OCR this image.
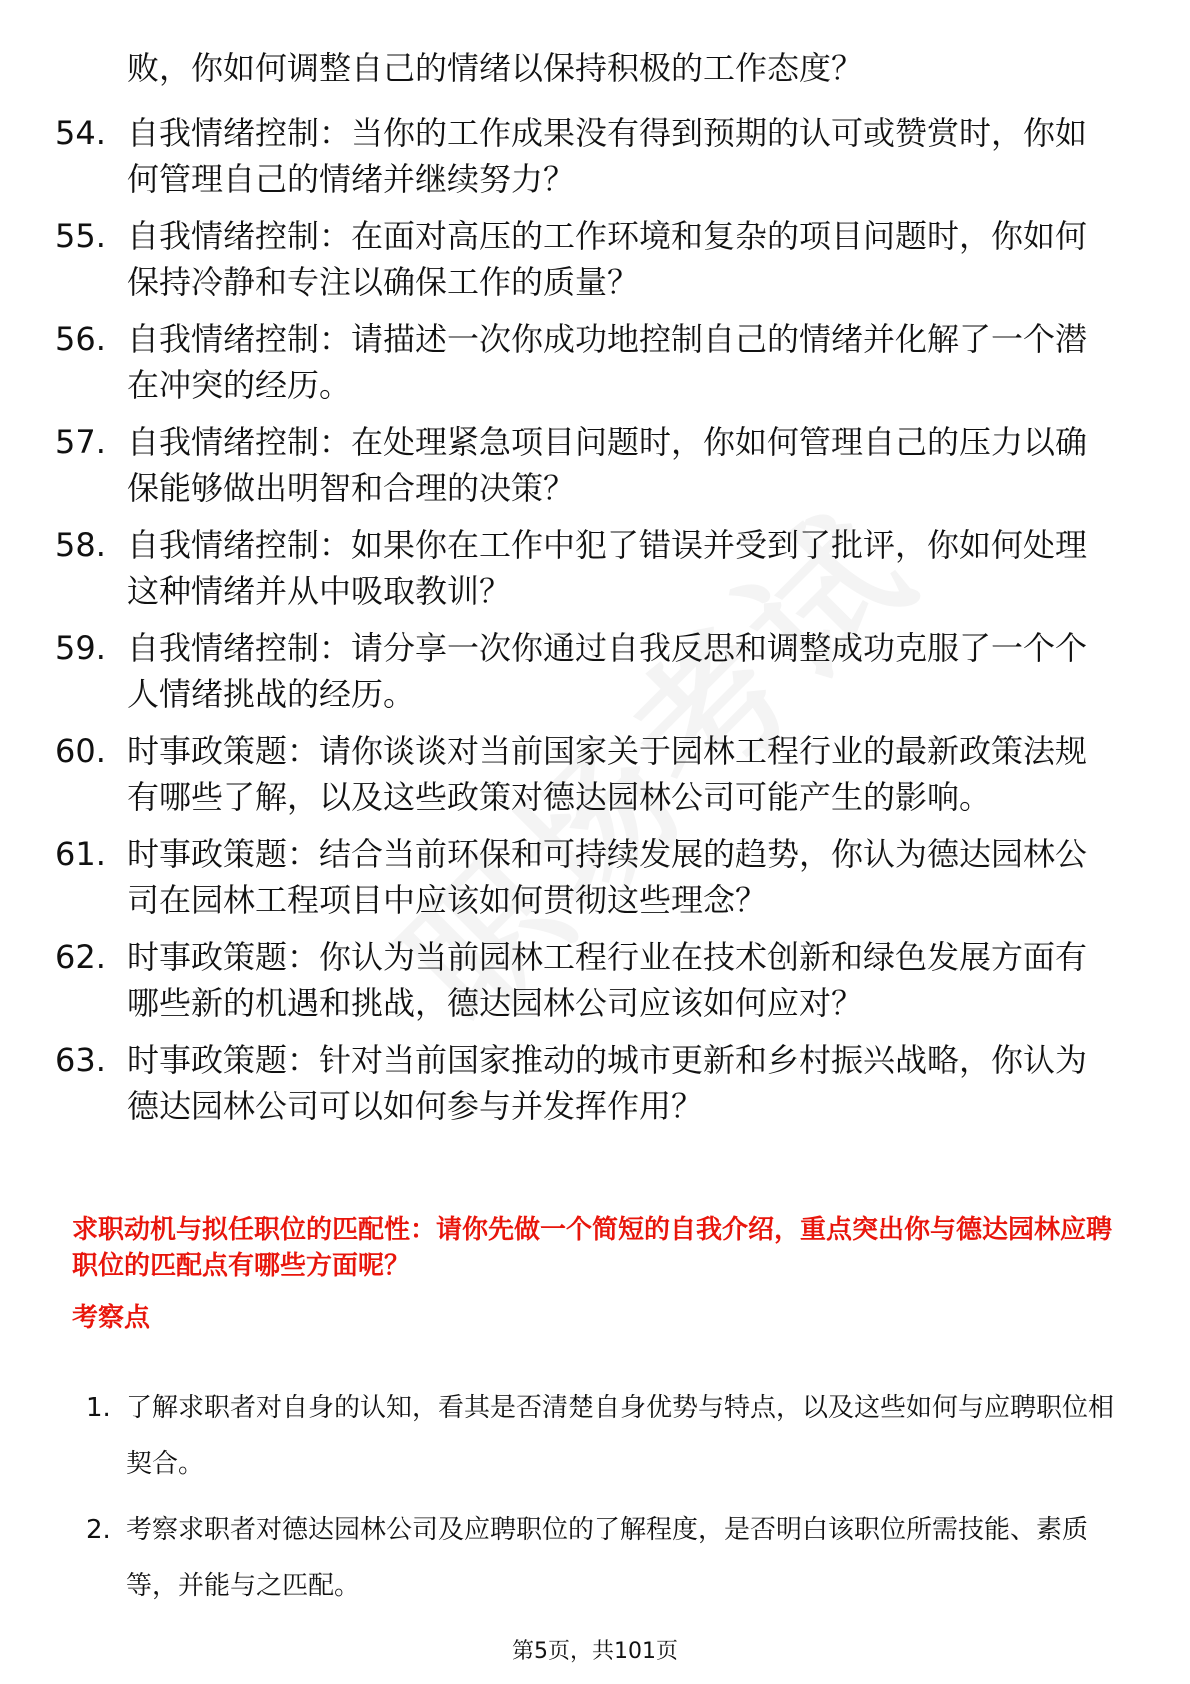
败，你如何调整自己的情绪以保持积极的工作态度？
54. 自我情绪控制：当你的工作成果没有得到预期的认可或赞赏时，你如何管理自己的情绪并继续努力？
55. 自我情绪控制：在面对高压的工作环境和复杂的项目问题时，你如何保持冷静和专注以确保工作的质量？
56. 自我情绪控制：请描述一次你成功地控制自己的情绪并化解了一个潜在冲突的经历。
57. 自我情绪控制：在处理紧急项目问题时，你如何管理自己的压力以确保能够做出明智和合理的决策？
58. 自我情绪控制：如果你在工作中犯了错误并受到了批评，你如何处理这种情绪并从中吸取教训？
59. 自我情绪控制：请分享一次你通过自我反思和调整成功克服了一个个人情绪挑战的经历。
60. 时事政策题：请你谈谈对当前国家关于园林工程行业的最新政策法规有哪些了解，以及这些政策对德达园林公司可能产生的影响。
61. 时事政策题：结合当前环保和可持续发展的趋势，你认为德达园林公司在园林工程项目中应该如何贯彻这些理念？
62. 时事政策题：你认为当前园林工程行业在技术创新和绿色发展方面有哪些新的机遇和挑战，德达园林公司应该如何应对？
63. 时事政策题：针对当前国家推动的城市更新和乡村振兴战略，你认为德达园林公司可以如何参与并发挥作用？
求职动机与拟任职位的匹配性：请你先做一个简短的自我介绍，重点突出你与德达园林应聘职位的匹配点有哪些方面呢？
考察点
1. 了解求职者对自身的认知，看其是否清楚自身优势与特点，以及这些如何与应聘职位相契合。
2. 考察求职者对德达园林公司及应聘职位的了解程度，是否明白该职位所需技能、素质等，并能与之匹配。
第5页，共101页
